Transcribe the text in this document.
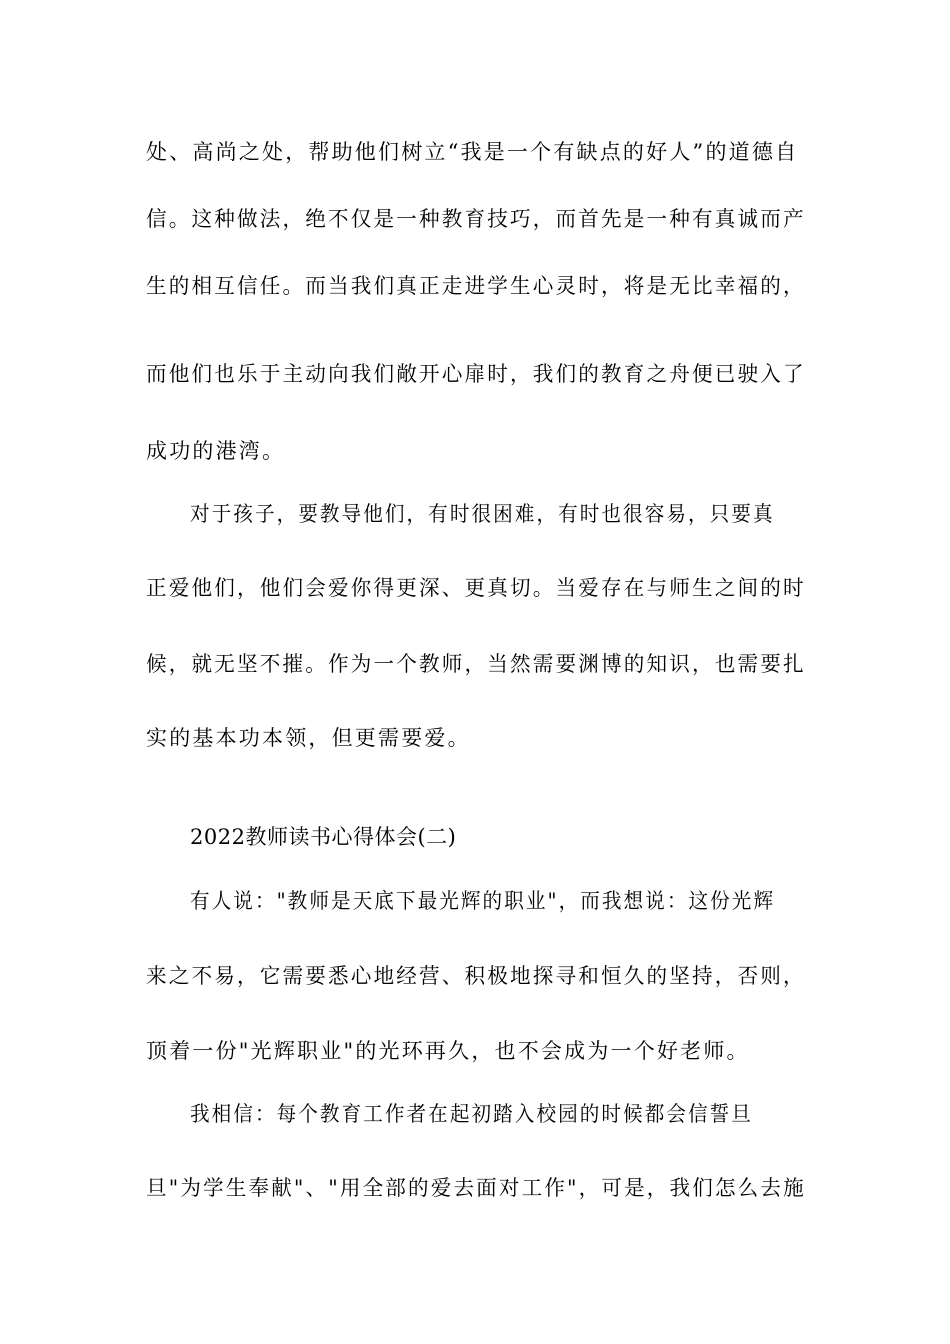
处、高尚之处，帮助他们树立“我是一个有缺点的好人”的道德自
信。这种做法，绝不仅是一种教育技巧，而首先是一种有真诚而产
生的相互信任。而当我们真正走进学生心灵时，将是无比幸福的，
而他们也乐于主动向我们敞开心扉时，我们的教育之舟便已驶入了
成功的港湾。
对于孩子，要教导他们，有时很困难，有时也很容易，只要真
正爱他们，他们会爱你得更深、更真切。当爱存在与师生之间的时
候，就无坚不摧。作为一个教师，当然需要渊博的知识，也需要扎
实的基本功本领，但更需要爱。
2022教师读书心得体会(二)
有人说："教师是天底下最光辉的职业"，而我想说：这份光辉
来之不易，它需要悉心地经营、积极地探寻和恒久的坚持，否则，
顶着一份"光辉职业"的光环再久，也不会成为一个好老师。
我相信：每个教育工作者在起初踏入校园的时候都会信誓旦
旦"为学生奉献"、"用全部的爱去面对工作"，可是，我们怎么去施
